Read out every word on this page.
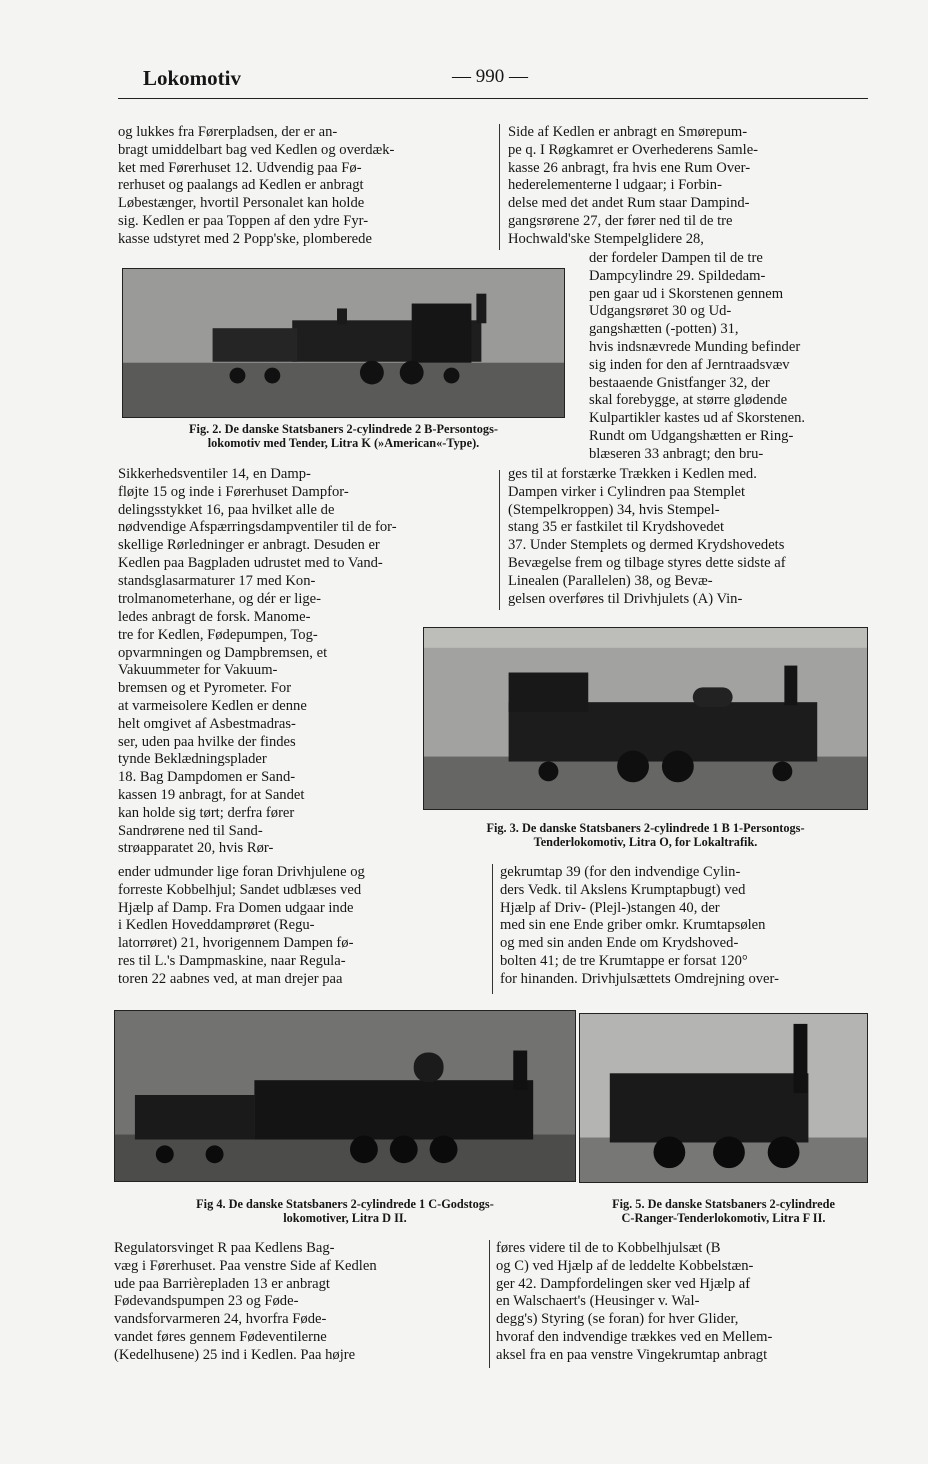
Lokomotiv	— 990 —

og lukkes fra Førerpladsen, der er an-

bragt umiddelbart bag ved Kedlen og overdæk-

ket med Førerhuset 12. Udvendig paa Fø-

rerhuset og paalangs ad Kedlen er anbragt

Løbestænger, hvortil Personalet kan holde

sig. Kedlen er paa Toppen af den ydre Fyr-

kasse udstyret med 2 Popp'ske, plomberede

Side af Kedlen er anbragt en Smørepum-

pe q. I Røgkamret er Overhederens Samle-

kasse 26 anbragt, fra hvis ene Rum Over-

hederelementerne l udgaar; i Forbin-

delse med det andet Rum staar Dampind-

gangsrørene 27, der fører ned til de tre

Hochwald'ske Stempelglidere 28,

Fig. 2. De danske Statsbaners 2-cylindrede 2 B-Persontogs-
lokomotiv med Tender, Litra K (»American«-Type).

der fordeler Dampen til de tre

Dampcylindre 29. Spildedam-

pen gaar ud i Skorstenen gennem

Udgangsrøret 30 og Ud-

gangshætten (-potten) 31,

hvis indsnævrede Munding befinder

sig inden for den af Jerntraadsvæv

bestaaende Gnistfanger 32, der

skal forebygge, at større glødende

Kulpartikler kastes ud af Skorstenen.

Rundt om Udgangshætten er Ring-

blæseren 33 anbragt; den bru-

Sikkerhedsventiler 14, en Damp-

fløjte 15 og inde i Førerhuset Dampfor-

delingsstykket 16, paa hvilket alle de

nødvendige Afspærringsdampventiler til de for-

skellige Rørledninger er anbragt. Desuden er

Kedlen paa Bagpladen udrustet med to Vand-

standsglasarmaturer 17 med Kon-

trolmanometerhane, og dér er lige-

ges til at forstærke Trækken i Kedlen med.

Dampen virker i Cylindren paa Stemplet

(Stempelkroppen) 34, hvis Stempel-

stang 35 er fastkilet til Krydshovedet

37. Under Stemplets og dermed Krydshovedets

Bevægelse frem og tilbage styres dette sidste af

Linealen (Parallelen) 38, og Bevæ-

gelsen overføres til Drivhjulets (A) Vin-

ledes anbragt de forsk. Manome-

tre for Kedlen, Fødepumpen, Tog-

opvarmningen og Dampbremsen, et

Vakuummeter for Vakuum-

bremsen og et Pyrometer. For

at varmeisolere Kedlen er denne

helt omgivet af Asbestmadras-

ser, uden paa hvilke der findes

tynde Beklædningsplader

18. Bag Dampdomen er Sand-

kassen 19 anbragt, for at Sandet

kan holde sig tørt; derfra fører

Sandrørene ned til Sand-

strøapparatet 20, hvis Rør-

Fig. 3. De danske Statsbaners 2-cylindrede 1 B 1-Persontogs-
Tenderlokomotiv, Litra O, for Lokaltrafik.

ender udmunder lige foran Drivhjulene og

forreste Kobbelhjul; Sandet udblæses ved

Hjælp af Damp. Fra Domen udgaar inde

i Kedlen Hoveddamprøret (Regu-

latorrøret) 21, hvorigennem Dampen fø-

res til L.'s Dampmaskine, naar Regula-

toren 22 aabnes ved, at man drejer paa

gekrumtap 39 (for den indvendige Cylin-

ders Vedk. til Akslens Krumptapbugt) ved

Hjælp af Driv- (Plejl-)stangen 40, der

med sin ene Ende griber omkr. Krumtapsølen

og med sin anden Ende om Krydshoved-

bolten 41; de tre Krumtappe er forsat 120°

for hinanden. Drivhjulsættets Omdrejning over-

Fig 4. De danske Statsbaners 2-cylindrede 1 C-Godstogs-
lokomotiver, Litra D II.
Fig. 5. De danske Statsbaners 2-cylindrede
C-Ranger-Tenderlokomotiv, Litra F II.

Regulatorsvinget R paa Kedlens Bag-

væg i Førerhuset. Paa venstre Side af Kedlen

ude paa Barrièrepladen 13 er anbragt

Fødevandspumpen 23 og Føde-

vandsforvarmeren 24, hvorfra Føde-

vandet føres gennem Fødeventilerne

(Kedelhusene) 25 ind i Kedlen. Paa højre

føres videre til de to Kobbelhjulsæt (B

og C) ved Hjælp af de leddelte Kobbelstæn-

ger 42. Dampfordelingen sker ved Hjælp af

en Walschaert's (Heusinger v. Wal-

degg's) Styring (se foran) for hver Glider,

hvoraf den indvendige trækkes ved en Mellem-

aksel fra en paa venstre Vingekrumtap anbragt
